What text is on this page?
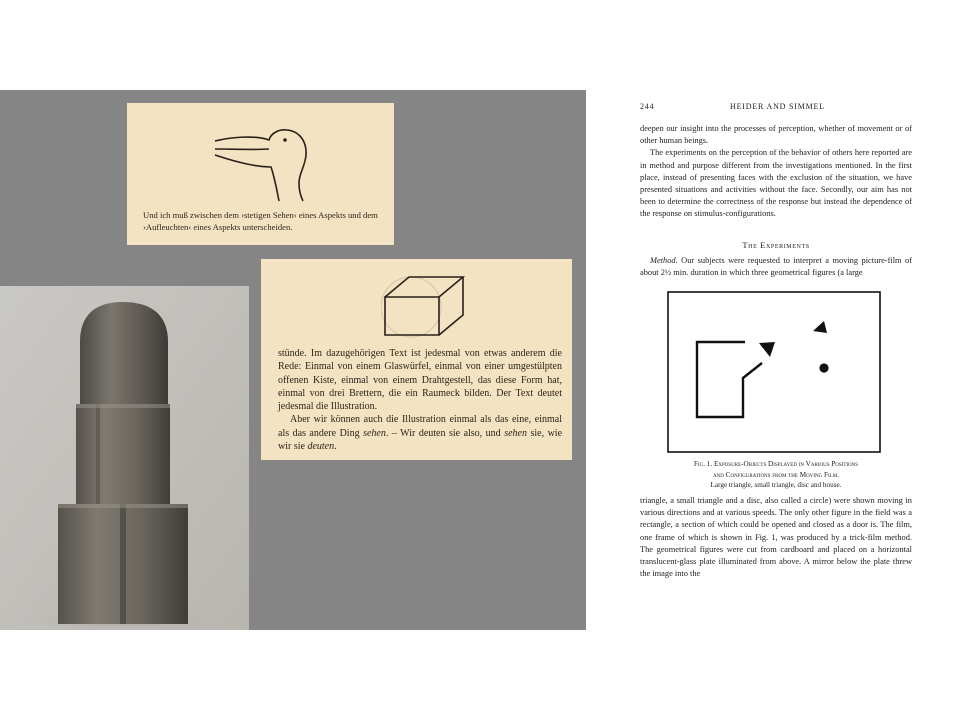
Und ich muß zwischen dem ›stetigen Sehen‹ eines Aspekts und dem ›Aufleuchten‹ eines Aspekts unterscheiden.

stünde. Im dazugehörigen Text ist jedesmal von etwas anderem die Rede: Einmal von einem Glaswürfel, einmal von einer umgestülpten offenen Kiste, einmal von einem Drahtgestell, das diese Form hat, einmal von drei Brettern, die ein Raumeck bilden. Der Text deutet jedesmal die Illustration.

Aber wir können auch die Illustration einmal als das eine, einmal als das andere Ding sehen. – Wir deuten sie also, und sehen sie, wie wir sie deuten.

244	HEIDER AND SIMMEL

deepen our insight into the processes of perception, whether of movement or of other human beings.

The experiments on the perception of the behavior of others here reported are in method and purpose different from the investigations mentioned. In the first place, instead of presenting faces with the exclusion of the situation, we have presented situations and activities without the face. Secondly, our aim has not been to determine the correctness of the response but instead the dependence of the response on stimulus-configurations.

The Experiments

Method. Our subjects were requested to interpret a moving picture-film of about 2½ min. duration in which three geometrical figures (a large

Fig. 1. Exposure-Objects Displayed in Various Positions
and Configurations from the Moving Film.
Large triangle, small triangle, disc and house.

triangle, a small triangle and a disc, also called a circle) were shown moving in various directions and at various speeds. The only other figure in the field was a rectangle, a section of which could be opened and closed as a door is. The film, one frame of which is shown in Fig. 1, was produced by a trick-film method. The geometrical figures were cut from cardboard and placed on a horizontal translucent-glass plate illuminated from above. A mirror below the plate threw the image into the
